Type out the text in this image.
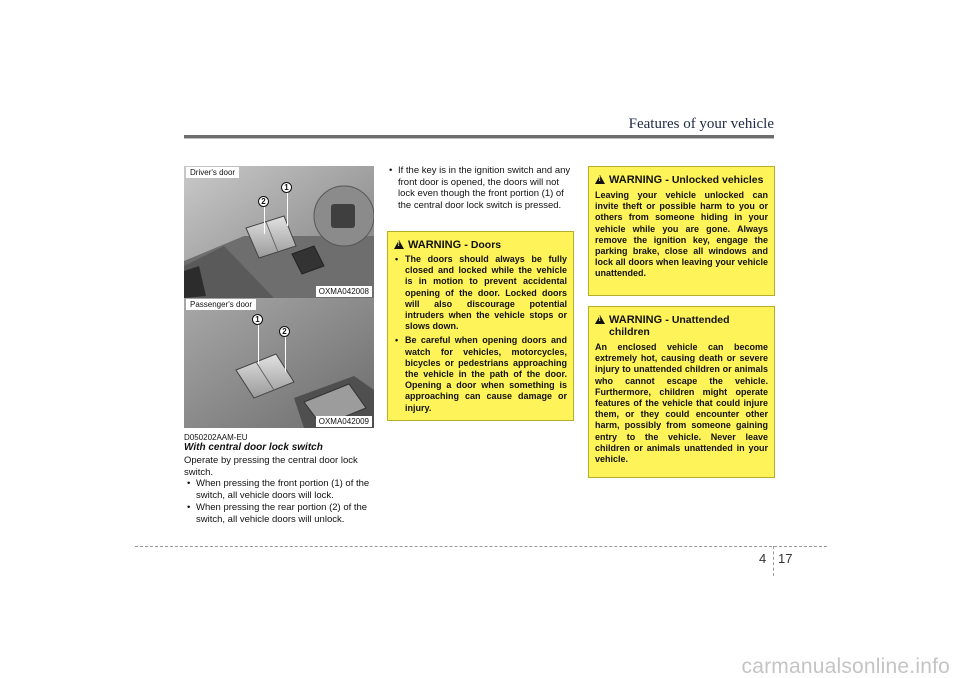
Features of your vehicle
2
1
Driver's door
OXMA042008
1
2
Passenger's door
OXMA042009
D050202AAM-EU
With central door lock switch
Operate by pressing the central door lock switch.
• When pressing the front portion (1) of the switch, all vehicle doors will lock.
• When pressing the rear portion (2) of the switch, all vehicle doors will unlock.
• If the key is in the ignition switch and any front door is opened, the doors will not lock even though the front portion (1) of the central door lock switch is pressed.
!
WARNING - Doors
• The doors should always be fully closed and locked while the vehicle is in motion to prevent accidental opening of the door. Locked doors will also discourage potential intruders when the vehicle stops or slows down.
• Be careful when opening doors and watch for vehicles, motorcycles, bicycles or pedestrians approaching the vehicle in the path of the door. Opening a door when something is approaching can cause damage or injury.
!
WARNING - Unlocked vehicles
Leaving your vehicle unlocked can invite theft or possible harm to you or others from someone hiding in your vehicle while you are gone. Always remove the ignition key, engage the parking brake, close all windows and lock all doors when leaving your vehicle unattended.
!
WARNING - Unattended children
An enclosed vehicle can become extremely hot, causing death or severe injury to unattended children or animals who cannot escape the vehicle. Furthermore, children might operate features of the vehicle that could injure them, or they could encounter other harm, possibly from someone gaining entry to the vehicle. Never leave children or animals unattended in your vehicle.
4 17
carmanualsonline.info
